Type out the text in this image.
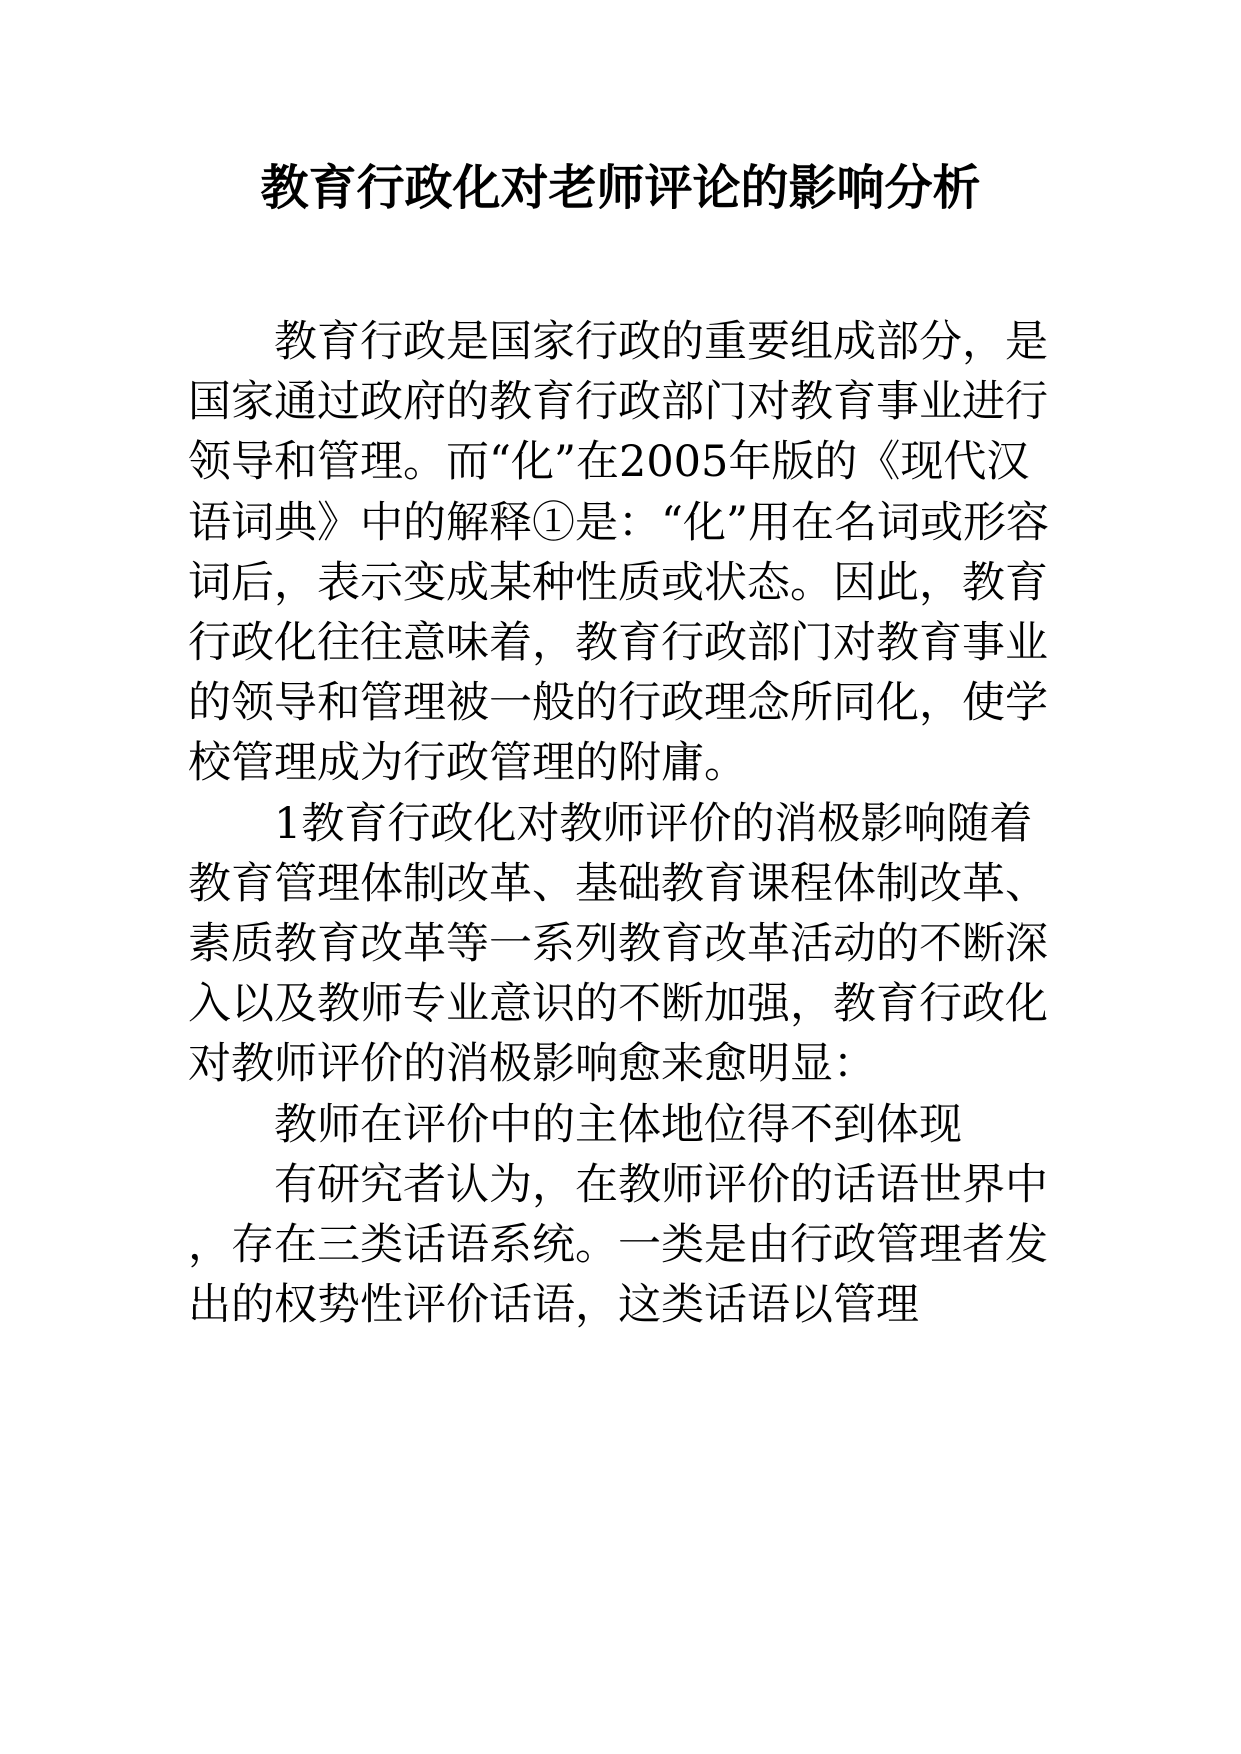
教育行政化对老师评论的影响分析

教育行政是国家行政的重要组成部分，是国家通过政府的教育行政部门对教育事业进行领导和管理。而“化”在2005年版的《现代汉语词典》中的解释①是：“化”用在名词或形容词后，表示变成某种性质或状态。因此，教育行政化往往意味着，教育行政部门对教育事业的领导和管理被一般的行政理念所同化，使学校管理成为行政管理的附庸。

1教育行政化对教师评价的消极影响随着教育管理体制改革、基础教育课程体制改革、素质教育改革等一系列教育改革活动的不断深入以及教师专业意识的不断加强，教育行政化对教师评价的消极影响愈来愈明显：

教师在评价中的主体地位得不到体现

有研究者认为，在教师评价的话语世界中，存在三类话语系统。一类是由行政管理者发出的权势性评价话语，这类话语以管理
